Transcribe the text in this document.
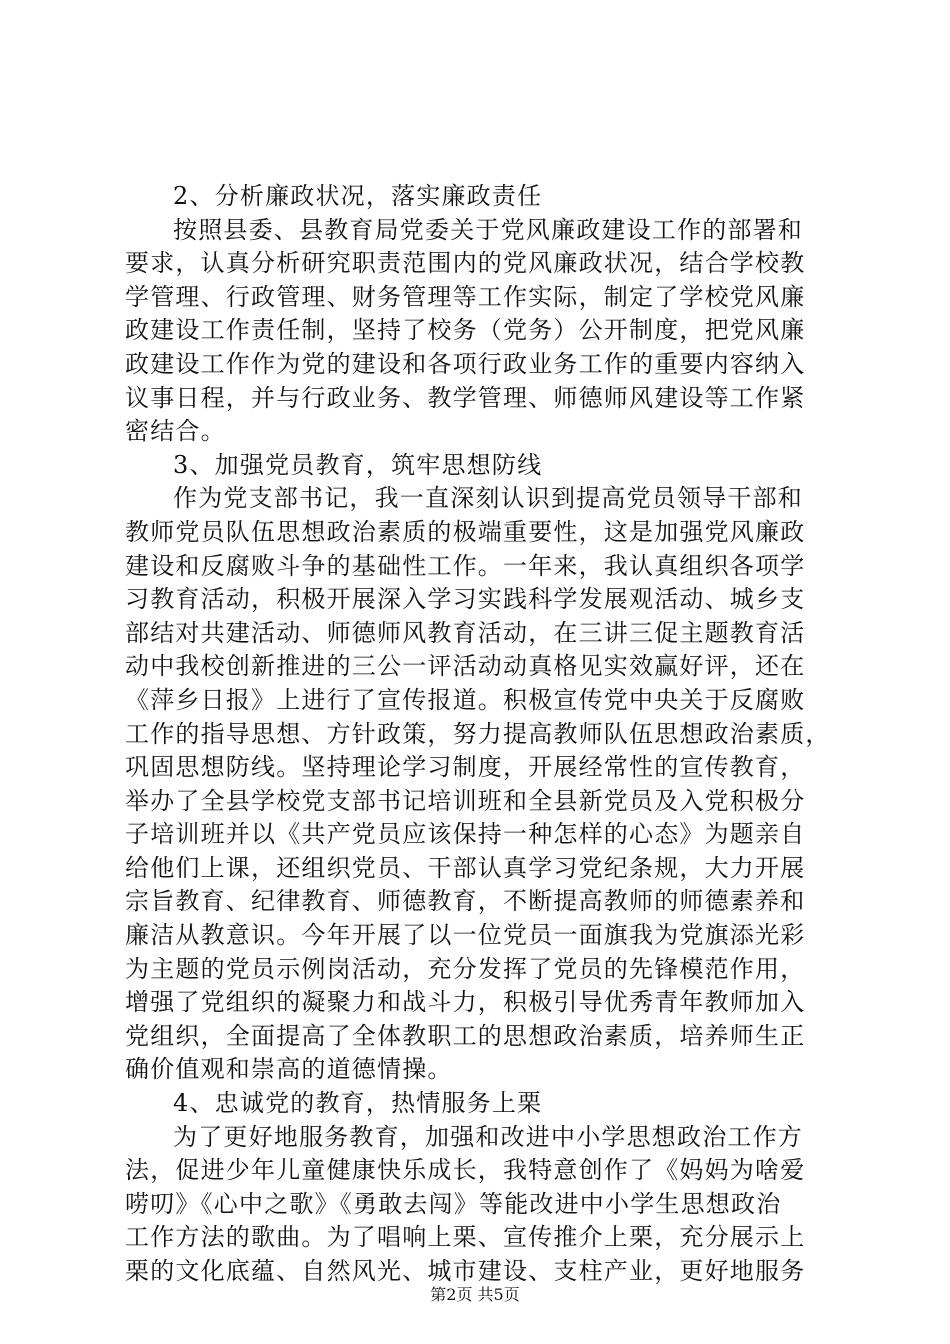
2、分析廉政状况，落实廉政责任
按照县委、县教育局党委关于党风廉政建设工作的部署和
要求，认真分析研究职责范围内的党风廉政状况，结合学校教
学管理、行政管理、财务管理等工作实际，制定了学校党风廉
政建设工作责任制，坚持了校务（党务）公开制度，把党风廉
政建设工作作为党的建设和各项行政业务工作的重要内容纳入
议事日程，并与行政业务、教学管理、师德师风建设等工作紧
密结合。
3、加强党员教育，筑牢思想防线
作为党支部书记，我一直深刻认识到提高党员领导干部和
教师党员队伍思想政治素质的极端重要性，这是加强党风廉政
建设和反腐败斗争的基础性工作。一年来，我认真组织各项学
习教育活动，积极开展深入学习实践科学发展观活动、城乡支
部结对共建活动、师德师风教育活动，在三讲三促主题教育活
动中我校创新推进的三公一评活动动真格见实效赢好评，还在
《萍乡日报》上进行了宣传报道。积极宣传党中央关于反腐败
工作的指导思想、方针政策，努力提高教师队伍思想政治素质，
巩固思想防线。坚持理论学习制度，开展经常性的宣传教育，
举办了全县学校党支部书记培训班和全县新党员及入党积极分
子培训班并以《共产党员应该保持一种怎样的心态》为题亲自
给他们上课，还组织党员、干部认真学习党纪条规，大力开展
宗旨教育、纪律教育、师德教育，不断提高教师的师德素养和
廉洁从教意识。今年开展了以一位党员一面旗我为党旗添光彩
为主题的党员示例岗活动，充分发挥了党员的先锋模范作用，
增强了党组织的凝聚力和战斗力，积极引导优秀青年教师加入
党组织，全面提高了全体教职工的思想政治素质，培养师生正
确价值观和崇高的道德情操。
4、忠诚党的教育，热情服务上栗
为了更好地服务教育，加强和改进中小学思想政治工作方
法，促进少年儿童健康快乐成长，我特意创作了《妈妈为啥爱
唠叨》《心中之歌》《勇敢去闯》等能改进中小学生思想政治
工作方法的歌曲。为了唱响上栗、宣传推介上栗，充分展示上
栗的文化底蕴、自然风光、城市建设、支柱产业，更好地服务
第2页 共5页
